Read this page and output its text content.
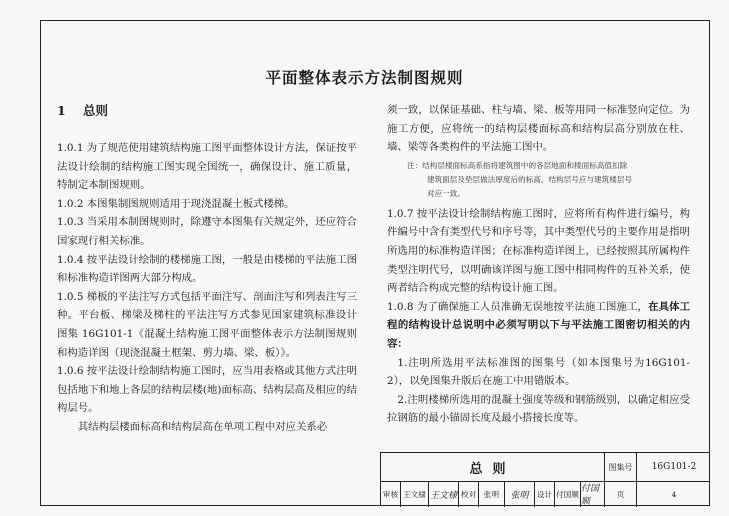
平面整体表示方法制图规则
1 总则

1.0.1 为了规范使用建筑结构施工图平面整体设计方法，保证按平法设计绘制的结构施工图实现全国统一，确保设计、施工质量，特制定本制图规则。

1.0.2 本图集制图规则适用于现浇混凝土板式楼梯。

1.0.3 当采用本制图规则时，除遵守本图集有关规定外，还应符合国家现行相关标准。

1.0.4 按平法设计绘制的楼梯施工图，一般是由楼梯的平法施工图和标准构造详图两大部分构成。

1.0.5 梯板的平法注写方式包括平面注写、剖面注写和列表注写三种。平台板、梯梁及梯柱的平法注写方式参见国家建筑标准设计图集 16G101-1《混凝土结构施工图平面整体表示方法制图规则和构造详图（现浇混凝土框架、剪力墙、梁、板）》。

1.0.6 按平法设计绘制结构施工图时，应当用表格或其他方式注明包括地下和地上各层的结构层楼(地)面标高、结构层高及相应的结构层号。

其结构层楼面标高和结构层高在单项工程中对应关系必

须一致，以保证基础、柱与墙、梁、板等用同一标准竖向定位。为施工方便，应将统一的结构层楼面标高和结构层高分别放在柱、墙、梁等各类构件的平法施工图中。

注：结构层楼面标高系指将建筑图中的各层地面和楼面标高值扣除

建筑面层及垫层做法厚度后的标高，结构层号应与建筑楼层号
对应一致。

1.0.7 按平法设计绘制结构施工图时，应将所有构件进行编号，构件编号中含有类型代号和序号等，其中类型代号的主要作用是指明所选用的标准构造详图；在标准构造详图上，已经按照其所属构件类型注明代号，以明确该详图与施工图中相同构件的互补关系，使两者结合构成完整的结构设计施工图。

1.0.8 为了确保施工人员准确无误地按平法施工图施工，在具体工程的结构设计总说明中必须写明以下与平法施工图密切相关的内容：

1.注明所选用平法标准图的图集号（如本图集号为16G101-2），以免图集升版后在施工中用错版本。

2.注明楼梯所选用的混凝土强度等级和钢筋级别，以确定相应受拉钢筋的最小锚固长度及最小搭接长度等。

总则	图集号	16G101-2
审核 王文棣 王文棣 校对	张明	张明	设计 付国顺 付国顺
页	4
